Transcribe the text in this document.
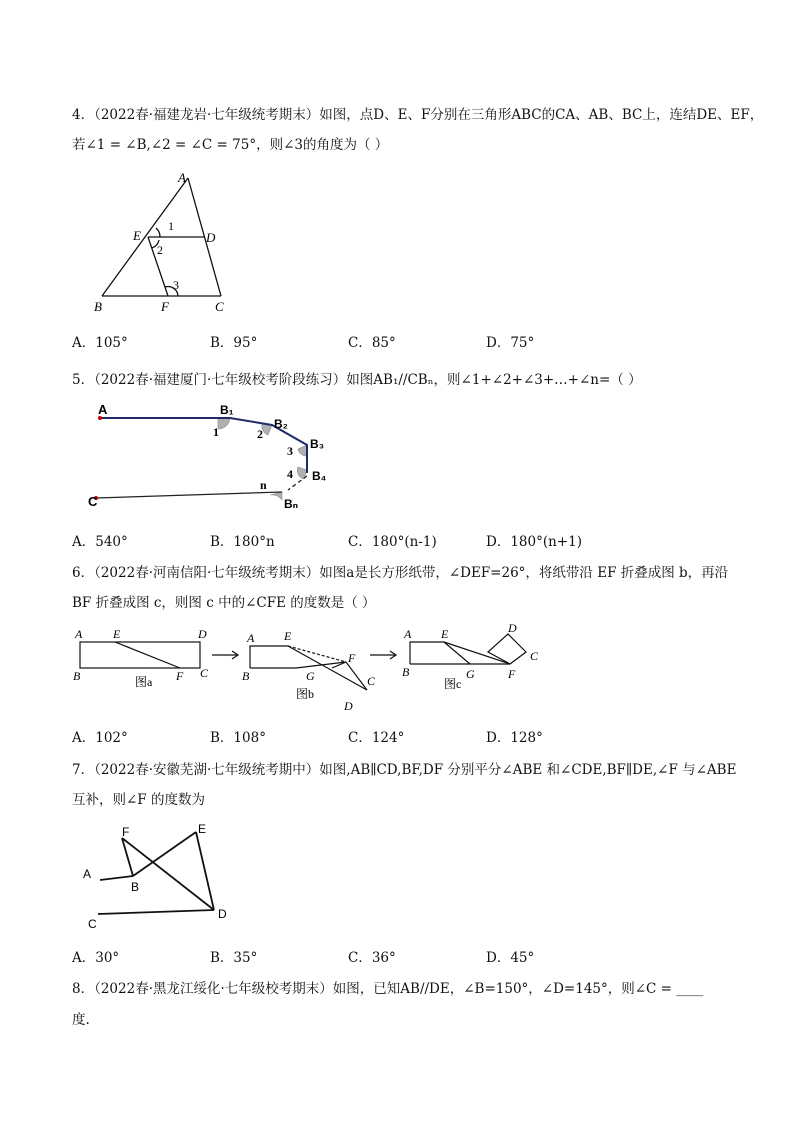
4．（2022春·福建龙岩·七年级统考期末）如图，点D、E、F分别在三角形ABC的CA、AB、BC上，连结DE、EF，
若∠1 = ∠B,∠2 = ∠C = 75°，则∠3的角度为（ ）
A
E	D
1
2
3
B	F	C
A．105°	B．95°	C．85°	D．75°
5．（2022春·福建厦门·七年级校考阶段练习）如图AB₁//CBₙ，则∠1+∠2+∠3+…+∠n=（ ）
A	B₁
B₂
B₃
B₄
Bₙ
C
1	2
3
4
n
A．540°	B．180°n	C．180°(n-1)	D．180°(n+1)
6．（2022春·河南信阳·七年级统考期末）如图a是长方形纸带，∠DEF=26°，将纸带沿 EF 折叠成图 b，再沿
BF 折叠成图 c，则图 c 中的∠CFE 的度数是（ ）
A	E	D
B	F C
图a
A E
F
B	G	C
D
图b
A E	D
C
B	G	F
图c
A．102°	B．108°	C．124°	D．128°
7．（2022春·安徽芜湖·七年级统考期中）如图,AB∥CD,BF,DF 分别平分∠ABE 和∠CDE,BF∥DE,∠F 与∠ABE
互补，则∠F 的度数为
F	E
A
B
C
D
A．30°	B．35°	C．36°	D．45°
8．（2022春·黑龙江绥化·七年级校考期末）如图，已知AB//DE，∠B=150°，∠D=145°，则∠C = ____
度.
